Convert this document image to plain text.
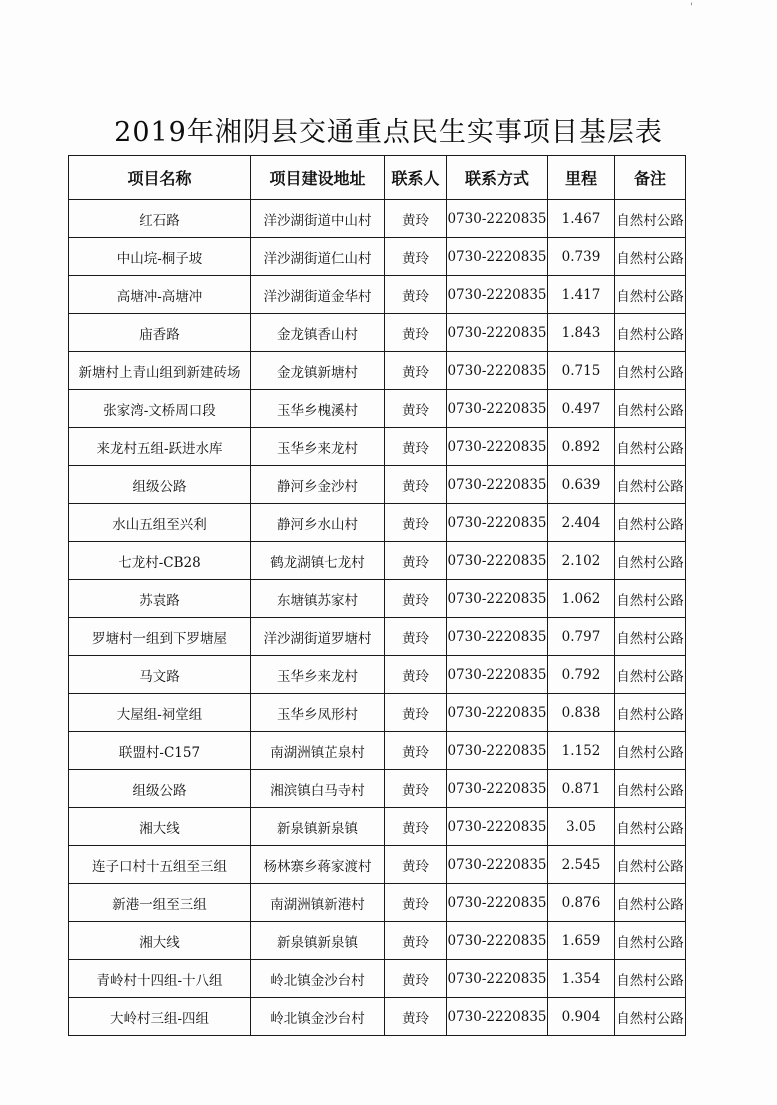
'
2019年湘阴县交通重点民生实事项目基层表
项目名称	项目建设地址	联系人	联系方式	里程	备注
红石路	洋沙湖街道中山村	黄玲	0730-2220835	1.467	自然村公路
中山垸-桐子坡	洋沙湖街道仁山村	黄玲	0730-2220835	0.739	自然村公路
高塘冲-高塘冲	洋沙湖街道金华村	黄玲	0730-2220835	1.417	自然村公路
庙香路	金龙镇香山村	黄玲	0730-2220835	1.843	自然村公路
新塘村上青山组到新建砖场	金龙镇新塘村	黄玲	0730-2220835	0.715	自然村公路
张家湾-文桥周口段	玉华乡槐溪村	黄玲	0730-2220835	0.497	自然村公路
来龙村五组-跃进水库	玉华乡来龙村	黄玲	0730-2220835	0.892	自然村公路
组级公路	静河乡金沙村	黄玲	0730-2220835	0.639	自然村公路
水山五组至兴利	静河乡水山村	黄玲	0730-2220835	2.404	自然村公路
七龙村-CB28	鹤龙湖镇七龙村	黄玲	0730-2220835	2.102	自然村公路
苏袁路	东塘镇苏家村	黄玲	0730-2220835	1.062	自然村公路
罗塘村一组到下罗塘屋	洋沙湖街道罗塘村	黄玲	0730-2220835	0.797	自然村公路
马文路	玉华乡来龙村	黄玲	0730-2220835	0.792	自然村公路
大屋组-祠堂组	玉华乡凤形村	黄玲	0730-2220835	0.838	自然村公路
联盟村-C157	南湖洲镇芷泉村	黄玲	0730-2220835	1.152	自然村公路
组级公路	湘滨镇白马寺村	黄玲	0730-2220835	0.871	自然村公路
湘大线	新泉镇新泉镇	黄玲	0730-2220835	3.05	自然村公路
连子口村十五组至三组	杨林寨乡蒋家渡村	黄玲	0730-2220835	2.545	自然村公路
新港一组至三组	南湖洲镇新港村	黄玲	0730-2220835	0.876	自然村公路
湘大线	新泉镇新泉镇	黄玲	0730-2220835	1.659	自然村公路
青岭村十四组-十八组	岭北镇金沙台村	黄玲	0730-2220835	1.354	自然村公路
大岭村三组-四组	岭北镇金沙台村	黄玲	0730-2220835	0.904	自然村公路
